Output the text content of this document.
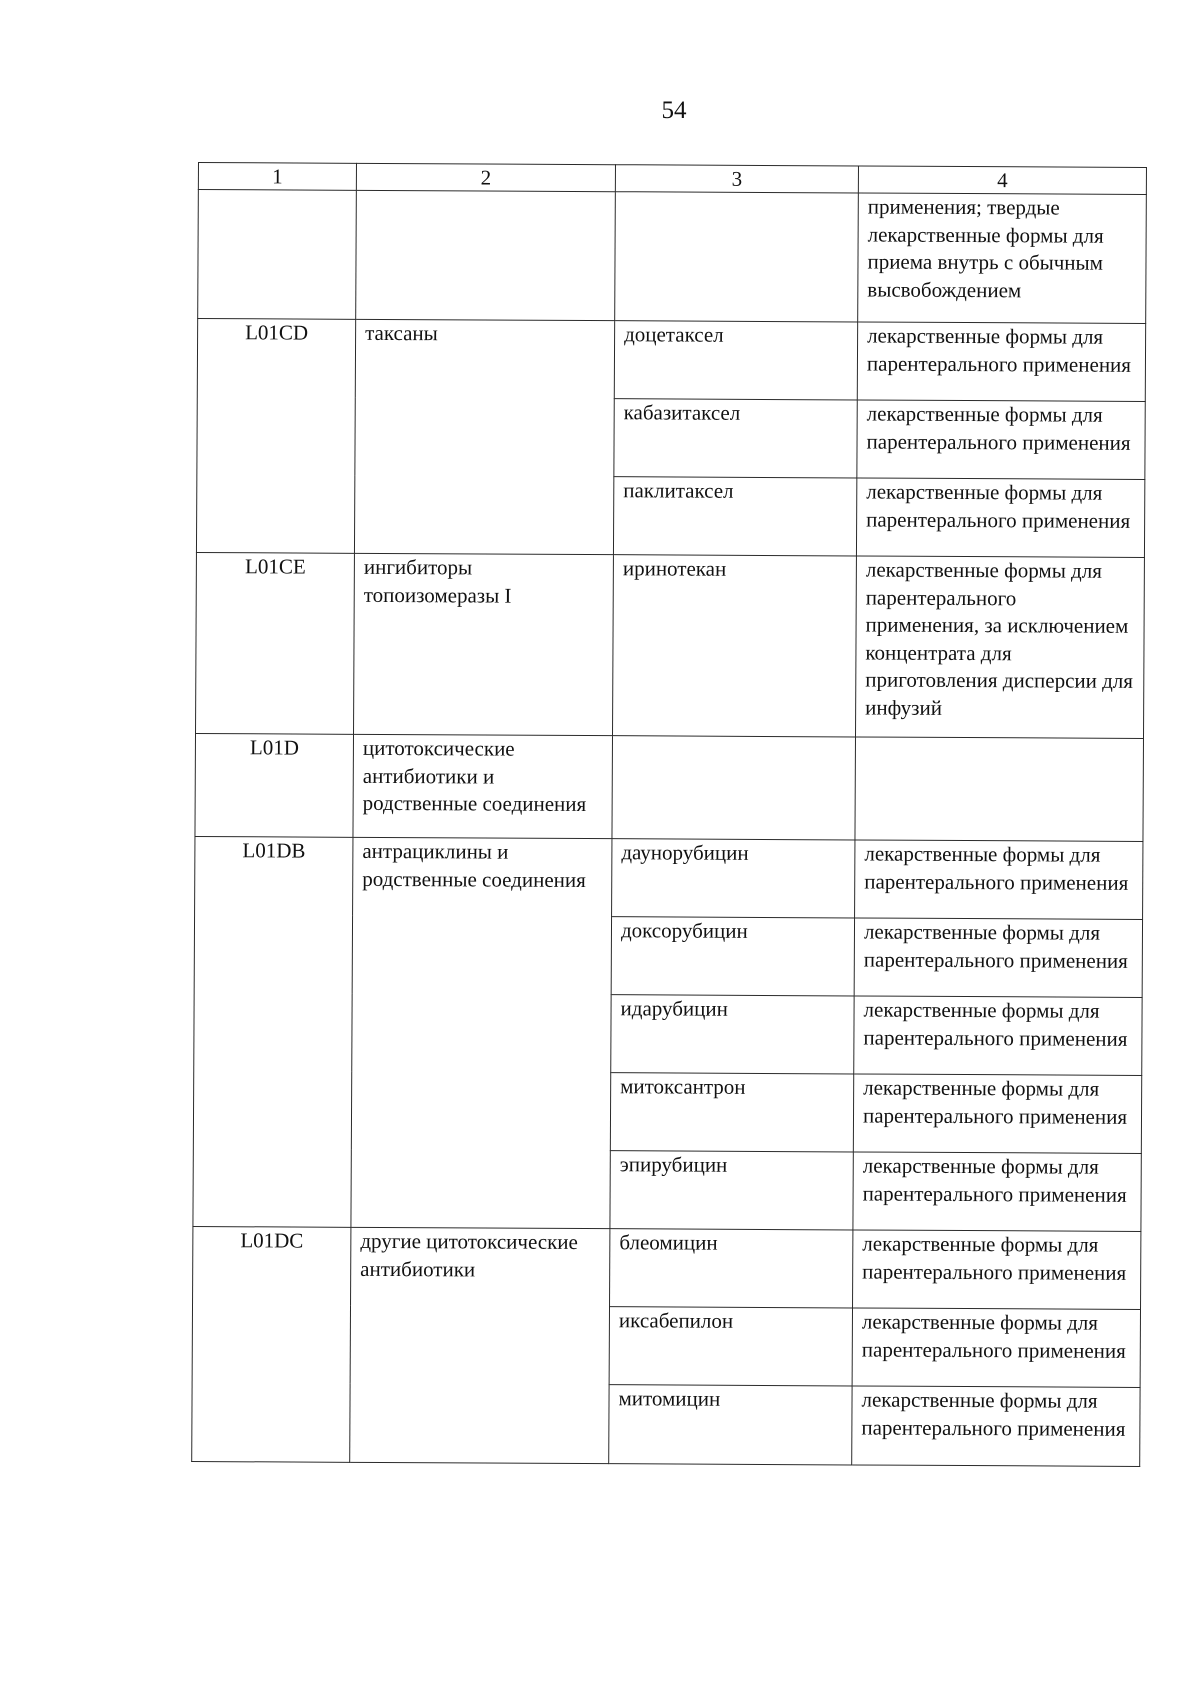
54
1	2	3	4
			применения; твердые лекарственные формы для приема внутрь с обычным высвобождением
L01CD	таксаны	доцетаксел	лекарственные формы для парентерального применения
		кабазитаксел	лекарственные формы для парентерального применения
		паклитаксел	лекарственные формы для парентерального применения
L01CE	ингибиторы топоизомеразы I	иринотекан	лекарственные формы для парентерального применения, за исключением концентрата для приготовления дисперсии для инфузий
L01D	цитотоксические антибиотики и родственные соединения		
L01DB	антрациклины и родственные соединения	даунорубицин	лекарственные формы для парентерального применения
		доксорубицин	лекарственные формы для парентерального применения
		идарубицин	лекарственные формы для парентерального применения
		митоксантрон	лекарственные формы для парентерального применения
		эпирубицин	лекарственные формы для парентерального применения
L01DC	другие цитотоксические антибиотики	блеомицин	лекарственные формы для парентерального применения
		иксабепилон	лекарственные формы для парентерального применения
		митомицин	лекарственные формы для парентерального применения
